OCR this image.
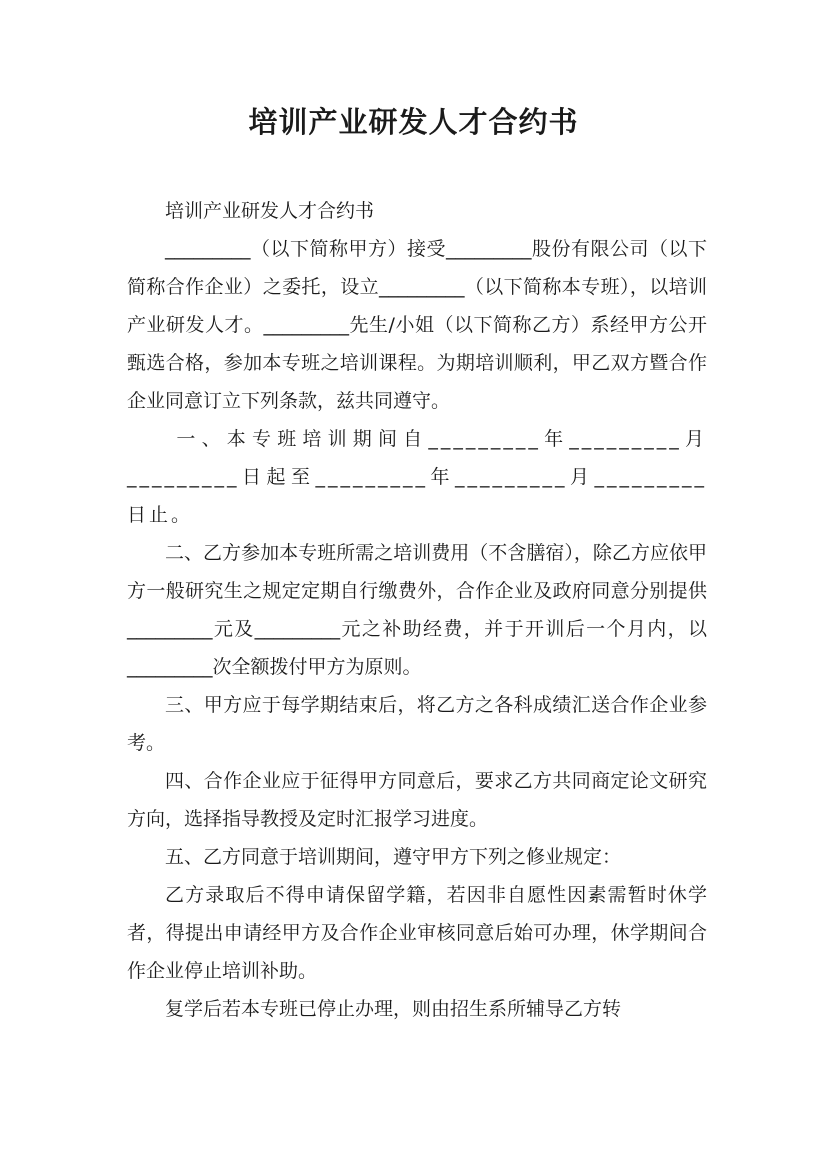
培训产业研发人才合约书

培训产业研发人才合约书

_________（以下简称甲方）接受_________股份有限公司（以下简称合作企业）之委托，设立_________（以下简称本专班），以培训产业研发人才。_________先生/小姐（以下简称乙方）系经甲方公开甄选合格，参加本专班之培训课程。为期培训顺利，甲乙双方暨合作企业同意订立下列条款，兹共同遵守。

一、本专班培训期间自_________年_________月_________日起至_________年_________月_________日止。

二、乙方参加本专班所需之培训费用（不含膳宿），除乙方应依甲方一般研究生之规定定期自行缴费外，合作企业及政府同意分别提供_________元及_________元之补助经费，并于开训后一个月内，以_________次全额拨付甲方为原则。

三、甲方应于每学期结束后，将乙方之各科成绩汇送合作企业参考。

四、合作企业应于征得甲方同意后，要求乙方共同商定论文研究方向，选择指导教授及定时汇报学习进度。

五、乙方同意于培训期间，遵守甲方下列之修业规定：

乙方录取后不得申请保留学籍，若因非自愿性因素需暂时休学者，得提出申请经甲方及合作企业审核同意后始可办理，休学期间合作企业停止培训补助。

复学后若本专班已停止办理，则由招生系所辅导乙方转
